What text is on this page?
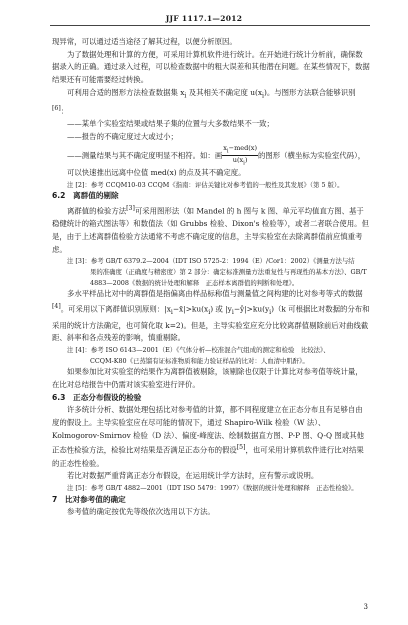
JJF 1117.1—2012

现异常，可以通过适当途径了解其过程，以便分析原因。

为了数据处理和计算的方便，可采用计算机软件进行统计。在开始进行统计分析前，确保数据录入的正确。通过录入过程，可以检查数据中的粗大误差和其他潜在问题。在某些情况下，数据结果还有可能需要经过转换。

可利用合适的图形方法检查数据集 $x_i$ 及其相关不确定度 $u(x_i)$。与图形方法联合能够识别[6]：

——某单个实验室结果或结果子集的位置与大多数结果不一致；

——报告的不确定度过大或过小；

——测量结果与其不确定度明显不相符。如：画 $\frac{x_i-med(x)}{u(x_i)}$ 的图形（横坐标为实验室代码），可以快速推出远离中位值 med(x) 的点及其不确定度。

注 [2]：参考 CCQM10-03 CCQM《指南：评估关键比对参考值的一般性及其发展》（第 5 版）。

6.2　离群值的剔除

离群值的检验方法[3]可采用图形法（如 Mandel 的 h 图与 k 图、单元平均值直方图、基于稳健统计的箱式图法等）和数值法（如 Grubbs 检验、Dixon's 检验等），或者二者联合使用。但是，由于上述离群值检验方法通常不考虑不确定度的信息，主导实验室在去除离群值前应慎重考虑。

注 [3]：参考 GB/T 6379.2—2004（IDT ISO 5725-2：1994（E）/Cor1：2002）《测量方法与结
果的准确度（正确度与精密度）第 2 部分：确定标准测量方法重复性与再现性的基本方法》、GB/T 4883—2008《数据的统计处理和解释　正态样本离群值的判断和处理》。

多水平样品比对中的离群值是指偏离由样品标称值与测量值之间构建的比对参考等式的数据[4]。可采用以下离群值识别原则：$|x_i-x̄|>ku(x_i)$ 或 $|y_i-ŷ|>ku(y_i)(k$ 可根据比对数据的分布和采用的统计方法确定，也可简化取 k=2)。但是，主导实验室应充分比较离群值剔除前后对曲线截距、斜率和各点残差的影响，慎重剔除。

注 [4]：参考 ISO 6143—2001（E）《气体分析—校准混合气组成的测定和检验　比较法》、
CCQM-K80《已蒸馏有证标准物质和能力验证样品的比对：人血清中肌酐》。

如果参加比对实验室的结果作为离群值被剔除，该剔除也仅限于计算比对参考值等统计量，在比对总结报告中仍需对该实验室进行评价。

6.3　正态分布假设的检验

许多统计分析、数据处理包括比对参考值的计算，都不同程度建立在正态分布且有足够自由度的假设上。主导实验室应在尽可能的情况下，通过 Shapiro-Wilk 检验（W 法）、Kolmogorov-Smirnov 检验（D 法）、偏度-峰度法、绘制数据直方图、P-P 图、Q-Q 图或其他正态性检验方法，检验比对结果是否满足正态分布的假设[5]，也可采用计算机软件进行比对结果的正态性检验。

若比对数据严重背离正态分布假设，在运用统计学方法时，应有警示或说明。

注 [5]：参考 GB/T 4882—2001（IDT ISO 5479：1997）《数据的统计处理和解释　正态性检验》。

7　比对参考值的确定

参考值的确定按优先等级依次选用以下方法。

3
